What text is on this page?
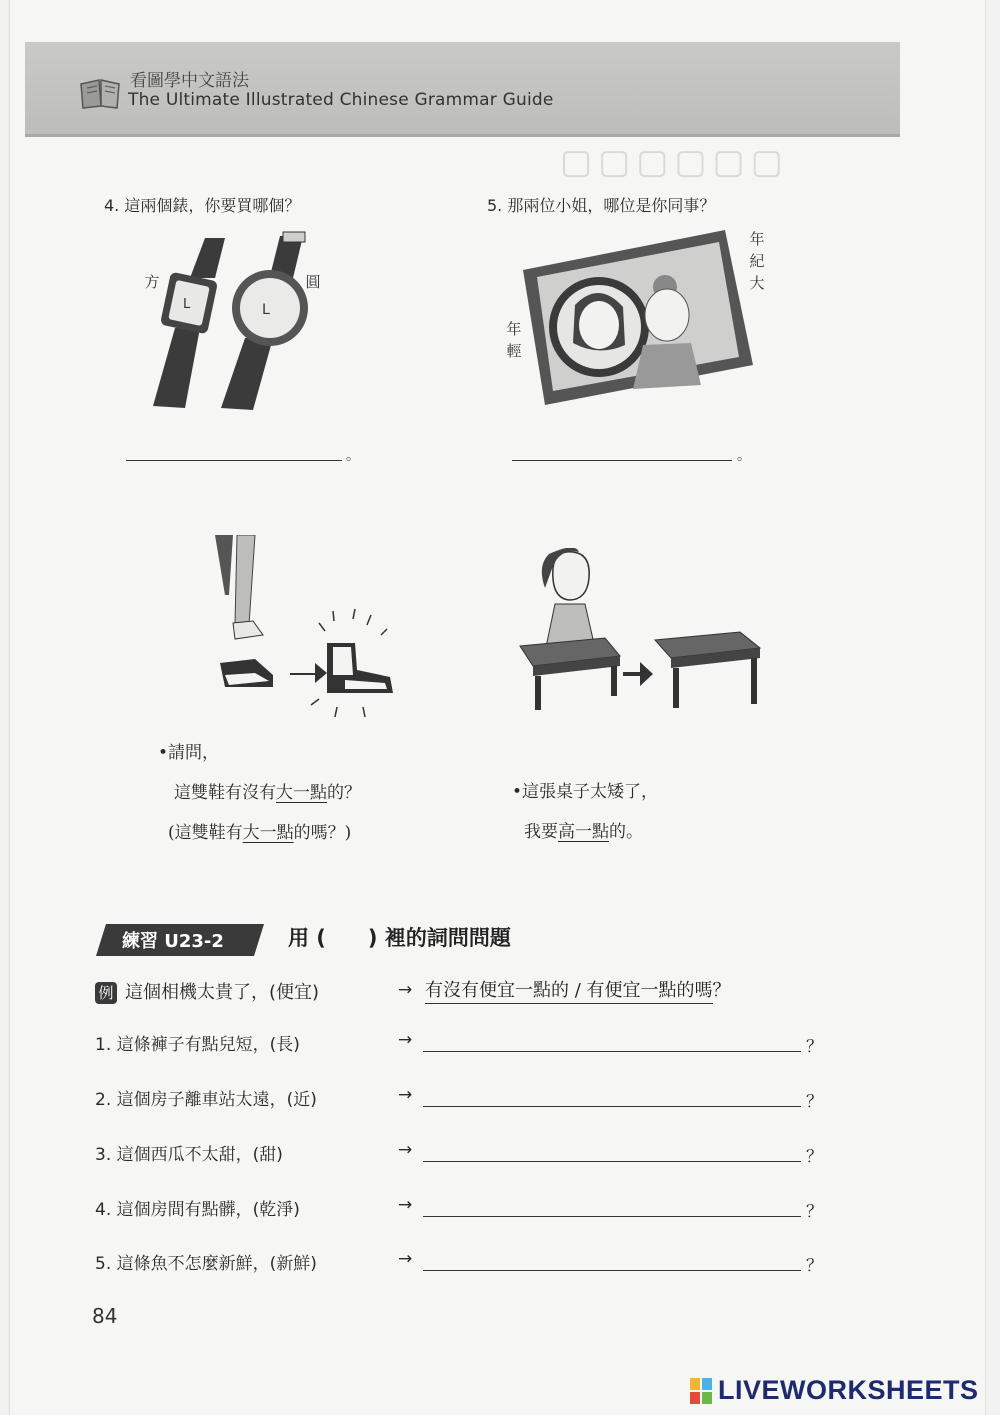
看圖學中文語法
The Ultimate Illustrated Chinese Grammar Guide
4. 這兩個錶，你要買哪個？
方	圓
L	L
。
5. 那兩位小姐，哪位是你同事？
年紀大
年輕
。
▢▢▢▢▢▢
•請問，
這雙鞋有沒有大一點的？
(這雙鞋有大一點的嗎？)
•這張桌子太矮了，
我要高一點的。
練習 U23-2	用 (　　) 裡的詞問問題
例 這個相機太貴了，(便宜)	→ 有沒有便宜一點的 / 有便宜一點的嗎？
1. 這條褲子有點兒短，(長)	→	？
2. 這個房子離車站太遠，(近)	→	？
3. 這個西瓜不太甜，(甜)	→	？
4. 這個房間有點髒，(乾淨)	→	？
5. 這條魚不怎麼新鮮，(新鮮)	→	？
84
LIVEWORKSHEETS
